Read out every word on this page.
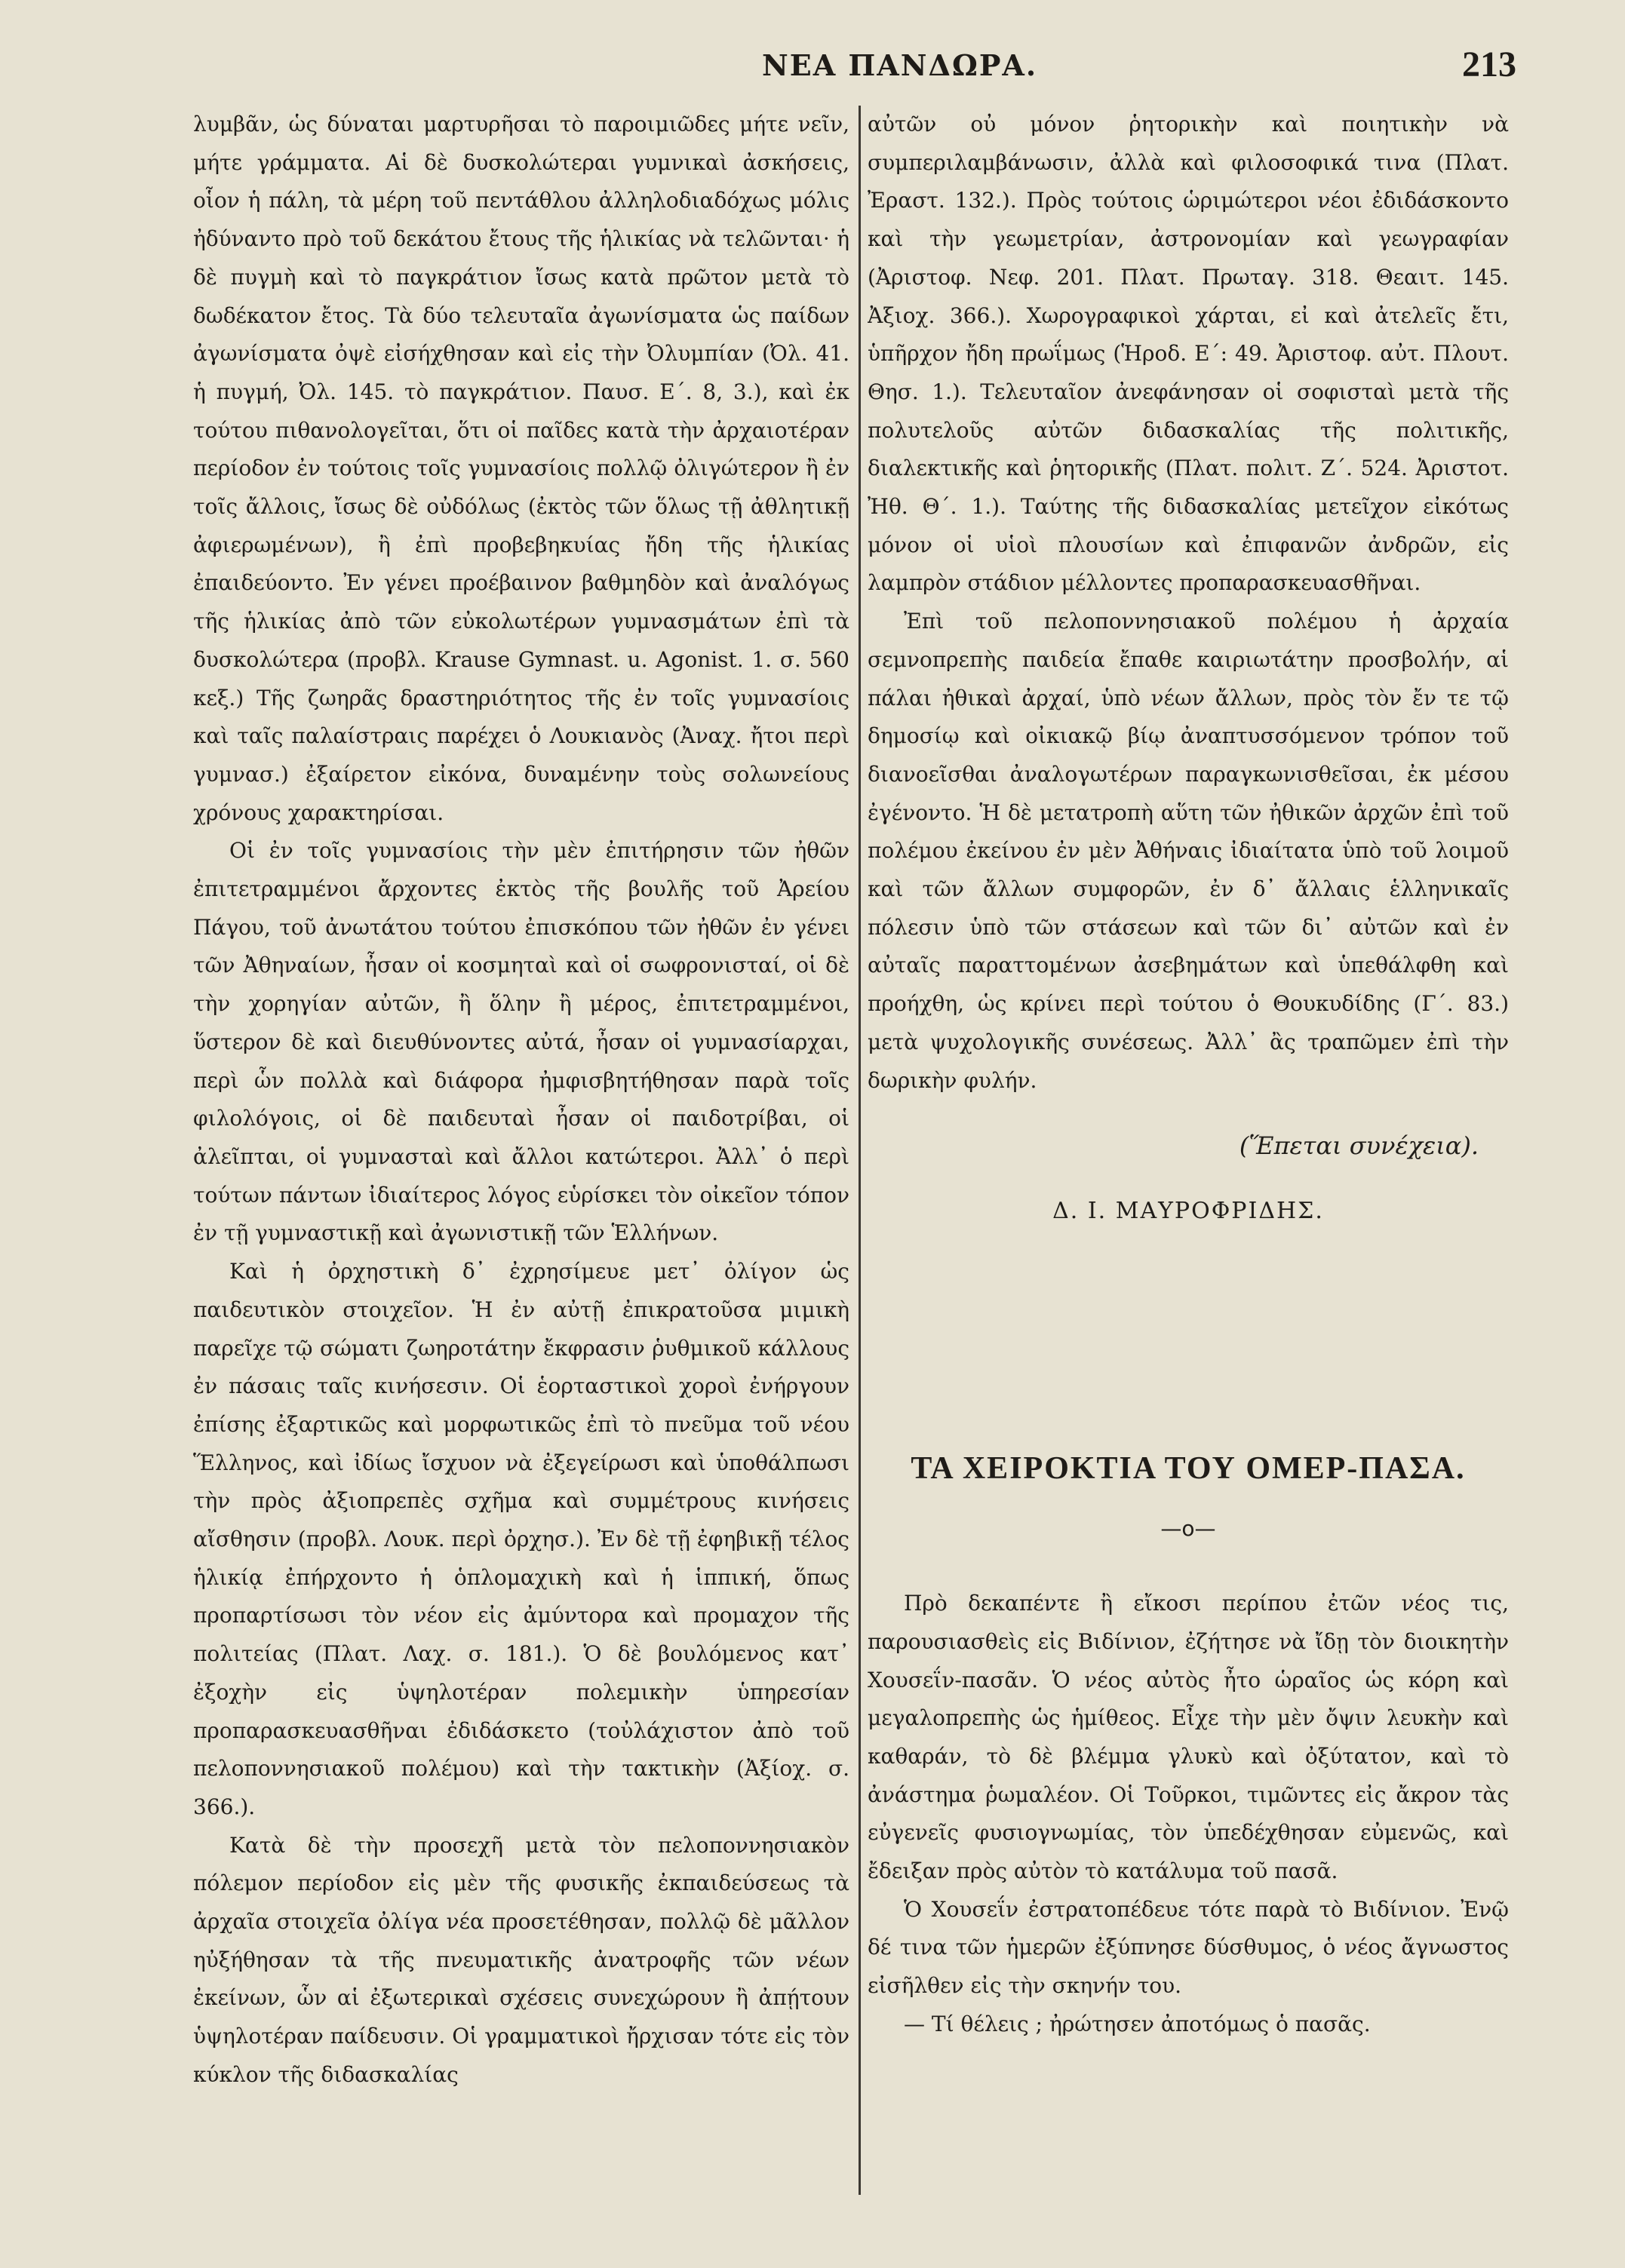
ΝΕΑ ΠΑΝΔΩΡΑ.	213

λυμβᾶν, ὡς δύναται μαρτυρῆσαι τὸ παροιμιῶδες μήτε νεῖν, μήτε γράμματα. Αἱ δὲ δυσκολώτεραι γυμνικαὶ ἀσκήσεις, οἷον ἡ πάλη, τὰ μέρη τοῦ πεντάθλου ἀλληλοδιαδόχως μόλις ἠδύναντο πρὸ τοῦ δεκάτου ἔτους τῆς ἡλικίας νὰ τελῶνται· ἡ δὲ πυγμὴ καὶ τὸ παγκράτιον ἴσως κατὰ πρῶτον μετὰ τὸ δωδέκατον ἔτος. Τὰ δύο τελευταῖα ἀγωνίσματα ὡς παίδων ἀγωνίσματα ὀψὲ εἰσήχθησαν καὶ εἰς τὴν Ὀλυμπίαν (Ὀλ. 41. ἡ πυγμή, Ὀλ. 145. τὸ παγκράτιον. Παυσ. Ε΄. 8, 3.), καὶ ἐκ τούτου πιθανολογεῖται, ὅτι οἱ παῖδες κατὰ τὴν ἀρχαιοτέραν περίοδον ἐν τούτοις τοῖς γυμνασίοις πολλῷ ὀλιγώτερον ἢ ἐν τοῖς ἄλλοις, ἴσως δὲ οὐδόλως (ἐκτὸς τῶν ὅλως τῇ ἀθλητικῇ ἀφιερωμένων), ἢ ἐπὶ προβεβηκυίας ἤδη τῆς ἡλικίας ἐπαιδεύοντο. Ἐν γένει προέβαινον βαθμηδὸν καὶ ἀναλόγως τῆς ἡλικίας ἀπὸ τῶν εὐκολωτέρων γυμνασμάτων ἐπὶ τὰ δυσκολώτερα (προβλ. Krause Gymnast. u. Agonist. 1. σ. 560 κεξ.) Τῆς ζωηρᾶς δραστηριότητος τῆς ἐν τοῖς γυμνασίοις καὶ ταῖς παλαίστραις παρέχει ὁ Λουκιανὸς (Ἀναχ. ἤτοι περὶ γυμνασ.) ἐξαίρετον εἰκόνα, δυναμένην τοὺς σολωνείους χρόνους χαρακτηρίσαι.

Οἱ ἐν τοῖς γυμνασίοις τὴν μὲν ἐπιτήρησιν τῶν ἠθῶν ἐπιτετραμμένοι ἄρχοντες ἐκτὸς τῆς βουλῆς τοῦ Ἀρείου Πάγου, τοῦ ἀνωτάτου τούτου ἐπισκόπου τῶν ἠθῶν ἐν γένει τῶν Ἀθηναίων, ἦσαν οἱ κοσμηταὶ καὶ οἱ σωφρονισταί, οἱ δὲ τὴν χορηγίαν αὐτῶν, ἢ ὅλην ἢ μέρος, ἐπιτετραμμένοι, ὕστερον δὲ καὶ διευθύνοντες αὐτά, ἦσαν οἱ γυμνασίαρχαι, περὶ ὧν πολλὰ καὶ διάφορα ἠμφισβητήθησαν παρὰ τοῖς φιλολόγοις, οἱ δὲ παιδευταὶ ἦσαν οἱ παιδοτρίβαι, οἱ ἀλεῖπται, οἱ γυμνασταὶ καὶ ἄλλοι κατώτεροι. Ἀλλ᾽ ὁ περὶ τούτων πάντων ἰδιαίτερος λόγος εὑρίσκει τὸν οἰκεῖον τόπον ἐν τῇ γυμναστικῇ καὶ ἀγωνιστικῇ τῶν Ἑλλήνων.

Καὶ ἡ ὀρχηστικὴ δ᾽ ἐχρησίμευε μετ᾽ ὀλίγον ὡς παιδευτικὸν στοιχεῖον. Ἡ ἐν αὐτῇ ἐπικρατοῦσα μιμικὴ παρεῖχε τῷ σώματι ζωηροτάτην ἔκφρασιν ῥυθμικοῦ κάλλους ἐν πάσαις ταῖς κινήσεσιν. Οἱ ἑορταστικοὶ χοροὶ ἐνήργουν ἐπίσης ἐξαρτικῶς καὶ μορφωτικῶς ἐπὶ τὸ πνεῦμα τοῦ νέου Ἕλληνος, καὶ ἰδίως ἴσχυον νὰ ἐξεγείρωσι καὶ ὑποθάλπωσι τὴν πρὸς ἀξιοπρεπὲς σχῆμα καὶ συμμέτρους κινήσεις αἴσθησιν (προβλ. Λουκ. περὶ ὀρχησ.). Ἐν δὲ τῇ ἐφηβικῇ τέλος ἡλικίᾳ ἐπήρχοντο ἡ ὁπλομαχικὴ καὶ ἡ ἱππική, ὅπως προπαρτίσωσι τὸν νέον εἰς ἀμύντορα καὶ προμαχον τῆς πολιτείας (Πλατ. Λαχ. σ. 181.). Ὁ δὲ βουλόμενος κατ᾽ ἐξοχὴν εἰς ὑψηλοτέραν πολεμικὴν ὑπηρεσίαν προπαρασκευασθῆναι ἐδιδάσκετο (τοὐλάχιστον ἀπὸ τοῦ πελοποννησιακοῦ πολέμου) καὶ τὴν τακτικὴν (Ἀξίοχ. σ. 366.).

Κατὰ δὲ τὴν προσεχῆ μετὰ τὸν πελοποννησιακὸν πόλεμον περίοδον εἰς μὲν τῆς φυσικῆς ἐκπαιδεύσεως τὰ ἀρχαῖα στοιχεῖα ὀλίγα νέα προσετέθησαν, πολλῷ δὲ μᾶλλον ηὐξήθησαν τὰ τῆς πνευματικῆς ἀνατροφῆς τῶν νέων ἐκείνων, ὧν αἱ ἐξωτερικαὶ σχέσεις συνεχώρουν ἢ ἀπῄτουν ὑψηλοτέραν παίδευσιν. Οἱ γραμματικοὶ ἤρχισαν τότε εἰς τὸν κύκλον τῆς διδασκαλίας

αὐτῶν οὐ μόνον ῥητορικὴν καὶ ποιητικὴν νὰ συμπεριλαμβάνωσιν, ἀλλὰ καὶ φιλοσοφικά τινα (Πλατ. Ἐραστ. 132.). Πρὸς τούτοις ὡριμώτεροι νέοι ἐδιδάσκοντο καὶ τὴν γεωμετρίαν, ἀστρονομίαν καὶ γεωγραφίαν (Ἀριστοφ. Νεφ. 201. Πλατ. Πρωταγ. 318. Θεαιτ. 145. Ἀξιοχ. 366.). Χωρογραφικοὶ χάρται, εἰ καὶ ἀτελεῖς ἔτι, ὑπῆρχον ἤδη πρωΐμως (Ἡροδ. Ε΄: 49. Ἀριστοφ. αὐτ. Πλουτ. Θησ. 1.). Τελευταῖον ἀνεφάνησαν οἱ σοφισταὶ μετὰ τῆς πολυτελοῦς αὐτῶν διδασκαλίας τῆς πολιτικῆς, διαλεκτικῆς καὶ ῥητορικῆς (Πλατ. πολιτ. Ζ΄. 524. Ἀριστοτ. Ἠθ. Θ΄. 1.). Ταύτης τῆς διδασκαλίας μετεῖχον εἰκότως μόνον οἱ υἱοὶ πλουσίων καὶ ἐπιφανῶν ἀνδρῶν, εἰς λαμπρὸν στάδιον μέλλοντες προπαρασκευασθῆναι.

Ἐπὶ τοῦ πελοποννησιακοῦ πολέμου ἡ ἀρχαία σεμνοπρεπὴς παιδεία ἔπαθε καιριωτάτην προσβολήν, αἱ πάλαι ἠθικαὶ ἀρχαί, ὑπὸ νέων ἄλλων, πρὸς τὸν ἔν τε τῷ δημοσίῳ καὶ οἰκιακῷ βίῳ ἀναπτυσσόμενον τρόπον τοῦ διανοεῖσθαι ἀναλογωτέρων παραγκωνισθεῖσαι, ἐκ μέσου ἐγένοντο. Ἡ δὲ μετατροπὴ αὕτη τῶν ἠθικῶν ἀρχῶν ἐπὶ τοῦ πολέμου ἐκείνου ἐν μὲν Ἀθήναις ἰδιαίτατα ὑπὸ τοῦ λοιμοῦ καὶ τῶν ἄλλων συμφορῶν, ἐν δ᾽ ἄλλαις ἑλληνικαῖς πόλεσιν ὑπὸ τῶν στάσεων καὶ τῶν δι᾽ αὐτῶν καὶ ἐν αὐταῖς παραττομένων ἀσεβημάτων καὶ ὑπεθάλφθη καὶ προήχθη, ὡς κρίνει περὶ τούτου ὁ Θουκυδίδης (Γ΄. 83.) μετὰ ψυχολογικῆς συνέσεως. Ἀλλ᾽ ἂς τραπῶμεν ἐπὶ τὴν δωρικὴν φυλήν.

(Ἕπεται συνέχεια).

Δ. Ι. ΜΑΥΡΟΦΡΙΔΗΣ.

ΤΑ ΧΕΙΡΟΚΤΙΑ ΤΟΥ ΟΜΕΡ-ΠΑΣΑ.

—o—

Πρὸ δεκαπέντε ἢ εἴκοσι περίπου ἐτῶν νέος τις, παρουσιασθεὶς εἰς Βιδίνιον, ἐζήτησε νὰ ἴδῃ τὸν διοικητὴν Χουσεΐν-πασᾶν. Ὁ νέος αὐτὸς ἦτο ὡραῖος ὡς κόρη καὶ μεγαλοπρεπὴς ὡς ἡμίθεος. Εἶχε τὴν μὲν ὄψιν λευκὴν καὶ καθαράν, τὸ δὲ βλέμμα γλυκὺ καὶ ὀξύτατον, καὶ τὸ ἀνάστημα ῥωμαλέον. Οἱ Τοῦρκοι, τιμῶντες εἰς ἄκρον τὰς εὐγενεῖς φυσιογνωμίας, τὸν ὑπεδέχθησαν εὐμενῶς, καὶ ἔδειξαν πρὸς αὐτὸν τὸ κατάλυμα τοῦ πασᾶ.

Ὁ Χουσεΐν ἐστρατοπέδευε τότε παρὰ τὸ Βιδίνιον. Ἐνῷ δέ τινα τῶν ἡμερῶν ἐξύπνησε δύσθυμος, ὁ νέος ἄγνωστος εἰσῆλθεν εἰς τὴν σκηνήν του.

— Τί θέλεις ; ἠρώτησεν ἀποτόμως ὁ πασᾶς.
